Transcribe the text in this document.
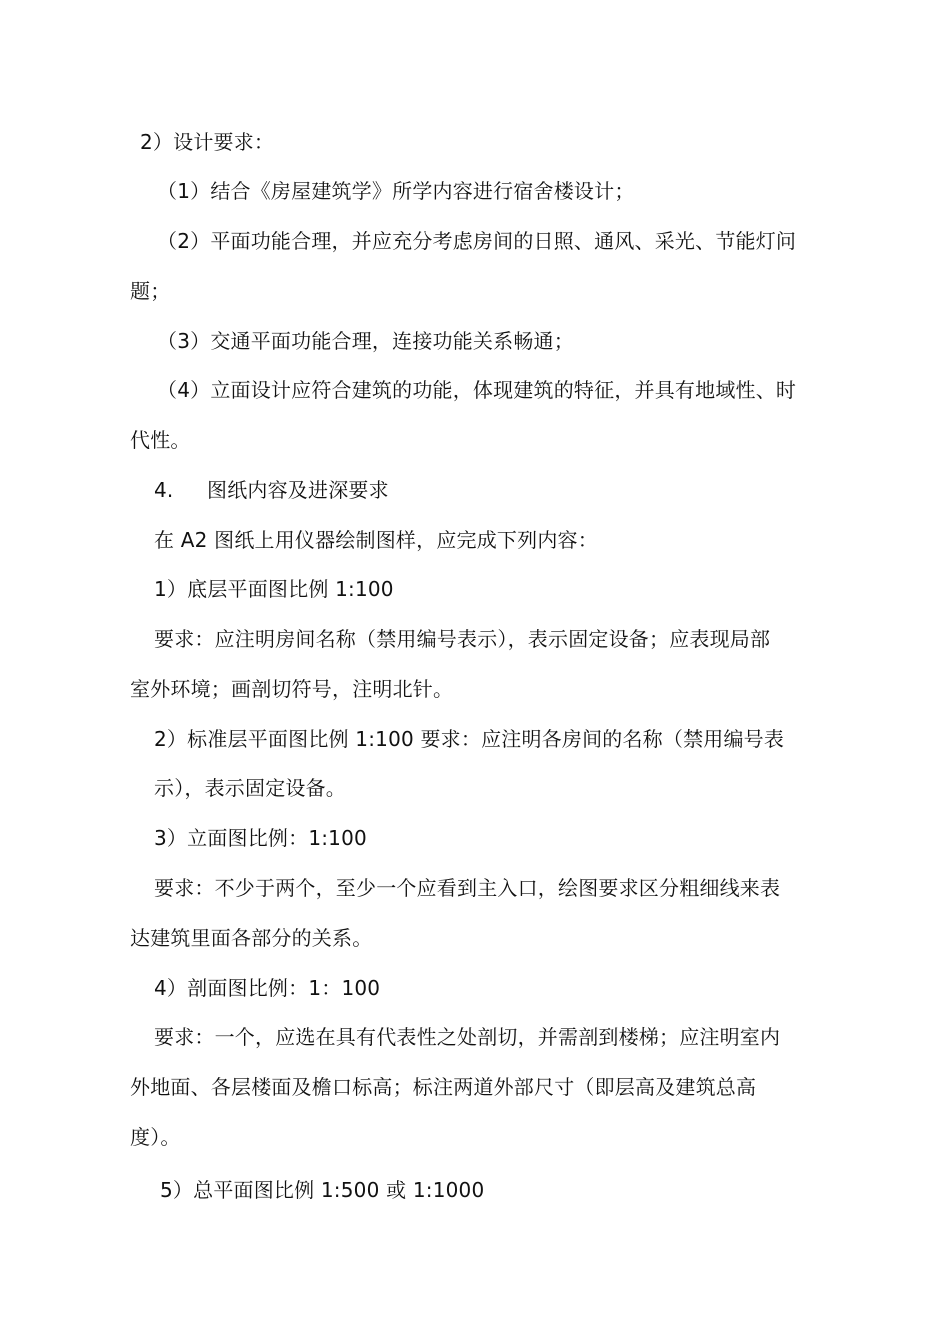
2）设计要求：
（1）结合《房屋建筑学》所学内容进行宿舍楼设计；
（2）平面功能合理，并应充分考虑房间的日照、通风、采光、节能灯问
题；
（3）交通平面功能合理，连接功能关系畅通；
（4）立面设计应符合建筑的功能，体现建筑的特征，并具有地域性、时
代性。
4. 图纸内容及进深要求
在 A2 图纸上用仪器绘制图样，应完成下列内容：
1）底层平面图比例 1:100
要求：应注明房间名称（禁用编号表示），表示固定设备；应表现局部
室外环境；画剖切符号，注明北针。
2）标准层平面图比例 1:100 要求：应注明各房间的名称（禁用编号表
示），表示固定设备。
3）立面图比例：1:100
要求：不少于两个，至少一个应看到主入口，绘图要求区分粗细线来表
达建筑里面各部分的关系。
4）剖面图比例：1：100
要求：一个，应选在具有代表性之处剖切，并需剖到楼梯；应注明室内
外地面、各层楼面及檐口标高；标注两道外部尺寸（即层高及建筑总高
度）。
5）总平面图比例 1:500 或 1:1000
